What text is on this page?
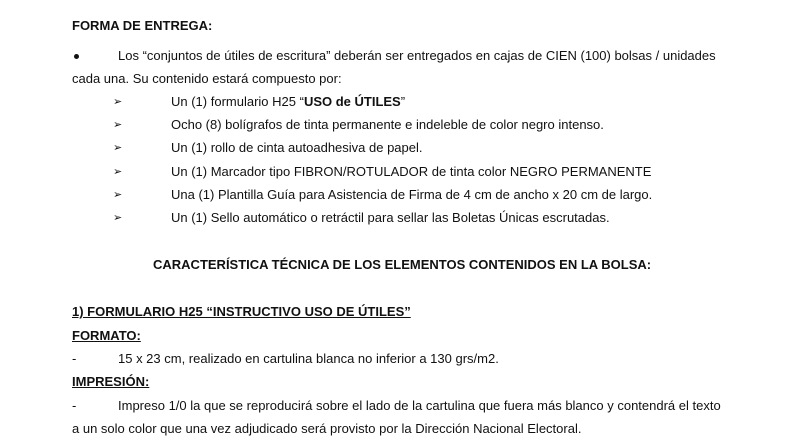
FORMA DE ENTREGA:
Los “conjuntos de útiles de escritura” deberán ser entregados en cajas de CIEN (100) bolsas / unidades
cada una. Su contenido estará compuesto por:
➢	Un (1) formulario H25 “USO de ÚTILES”
➢	Ocho (8) bolígrafos de tinta permanente e indeleble de color negro intenso.
➢	Un (1) rollo de cinta autoadhesiva de papel.
➢	Un (1) Marcador tipo FIBRON/ROTULADOR de tinta color NEGRO PERMANENTE
➢	Una (1) Plantilla Guía para Asistencia de Firma de 4 cm de ancho x 20 cm de largo.
➢	Un (1) Sello automático o retráctil para sellar las Boletas Únicas escrutadas.
CARACTERÍSTICA TÉCNICA DE LOS ELEMENTOS CONTENIDOS EN LA BOLSA:
1) FORMULARIO H25 “INSTRUCTIVO USO DE ÚTILES”
FORMATO:
-	15 x 23 cm, realizado en cartulina blanca no inferior a 130 grs/m2.
IMPRESIÓN:
-	Impreso 1/0 la que se reproducirá sobre el lado de la cartulina que fuera más blanco y contendrá el texto
a un solo color que una vez adjudicado será provisto por la Dirección Nacional Electoral.
